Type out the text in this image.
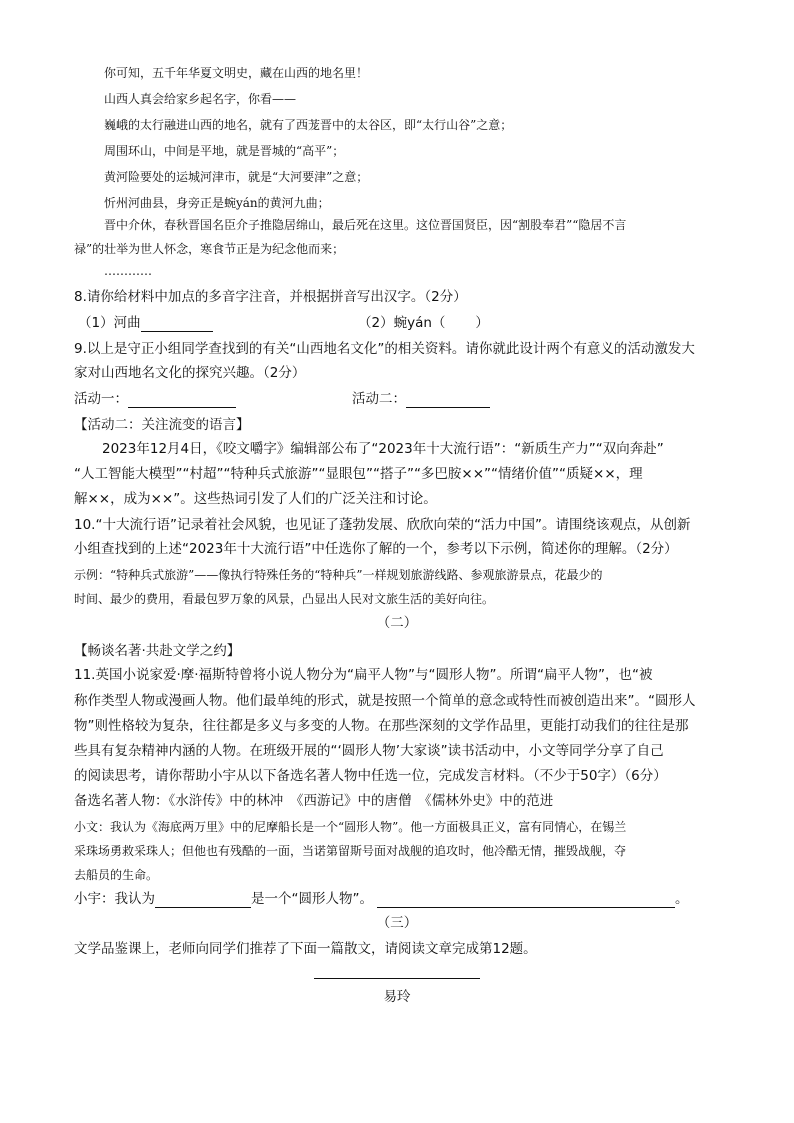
你可知，五千年华夏文明史，藏在山西的地名里！
山西人真会给家乡起名字，你看——
巍峨的太行融进山西的地名，就有了西茏晋中的太谷区，即“太行山谷”之意；
周围环山，中间是平地，就是晋城的“高平”；
黄河险要处的运城河津市，就是“大河要津”之意；
忻州河曲县，身旁正是蜿yán的黄河九曲；
晋中介休，春秋晋国名臣介子推隐居绵山，最后死在这里。这位晋国贤臣，因“割股奉君”“隐居不言
禄”的壮举为世人怀念，寒食节正是为纪念他而来；
…………
8.请你给材料中加点的多音字注音，并根据拼音写出汉字。（2分）
（1）河曲	（2）蜿yán（ ）
9.以上是守正小组同学查找到的有关“山西地名文化”的相关资料。请你就此设计两个有意义的活动激发大
家对山西地名文化的探究兴趣。（2分）
活动一：	活动二：
【活动二：关注流变的语言】
2023年12月4日，《咬文嚼字》编辑部公布了“2023年十大流行语”：“新质生产力”“双向奔赴”
“人工智能大模型”“村超”“特种兵式旅游”“显眼包”“搭子”“多巴胺××”“情绪价值”“质疑××，理
解××，成为××”。这些热词引发了人们的广泛关注和讨论。
10.“十大流行语”记录着社会风貌，也见证了蓬勃发展、欣欣向荣的“活力中国”。请围绕该观点，从创新
小组查找到的上述“2023年十大流行语”中任选你了解的一个，参考以下示例，简述你的理解。（2分）
示例：“特种兵式旅游”——像执行特殊任务的“特种兵”一样规划旅游线路、参观旅游景点，花最少的
时间、最少的费用，看最包罗万象的风景，凸显出人民对文旅生活的美好向往。
（二）
【畅谈名著·共赴文学之约】
11.英国小说家爱·摩·福斯特曾将小说人物分为“扁平人物”与“圆形人物”。所谓“扁平人物”，也“被
称作类型人物或漫画人物。他们最单纯的形式，就是按照一个简单的意念或特性而被创造出来”。“圆形人
物”则性格较为复杂，往往都是多义与多变的人物。在那些深刻的文学作品里，更能打动我们的往往是那
些具有复杂精神内涵的人物。在班级开展的“‘圆形人物’大家谈”读书活动中，小文等同学分享了自己
的阅读思考，请你帮助小宇从以下备选名著人物中任选一位，完成发言材料。（不少于50字）（6分）
备选名著人物：《水浒传》中的林冲　《西游记》中的唐僧　《儒林外史》中的范进
小文：我认为《海底两万里》中的尼摩船长是一个“圆形人物”。他一方面极具正义，富有同情心，在锡兰
采珠场勇救采珠人；但他也有残酷的一面，当诺第留斯号面对战舰的追攻时，他冷酷无情，摧毁战舰，夺
去船员的生命。
小宇：我认为	是一个“圆形人物”。	。
（三）
文学品鉴课上，老师向同学们推荐了下面一篇散文，请阅读文章完成第12题。
易玲
